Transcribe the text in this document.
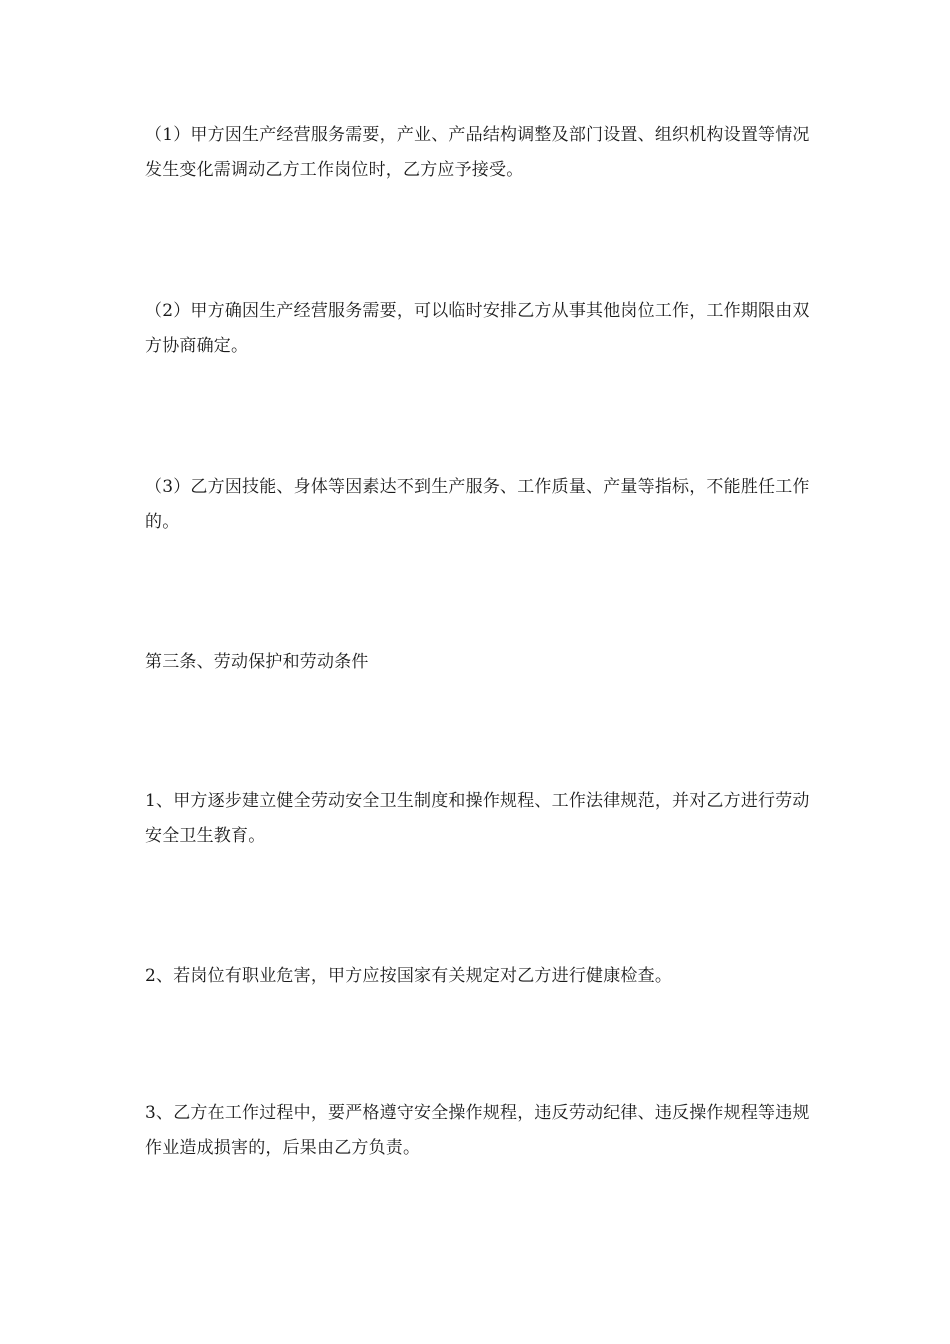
（1）甲方因生产经营服务需要，产业、产品结构调整及部门设置、组织机构设置等情况发生变化需调动乙方工作岗位时，乙方应予接受。

（2）甲方确因生产经营服务需要，可以临时安排乙方从事其他岗位工作，工作期限由双方协商确定。

（3）乙方因技能、身体等因素达不到生产服务、工作质量、产量等指标，不能胜任工作的。

第三条、劳动保护和劳动条件

1、甲方逐步建立健全劳动安全卫生制度和操作规程、工作法律规范，并对乙方进行劳动安全卫生教育。

2、若岗位有职业危害，甲方应按国家有关规定对乙方进行健康检查。

3、乙方在工作过程中，要严格遵守安全操作规程，违反劳动纪律、违反操作规程等违规作业造成损害的，后果由乙方负责。
